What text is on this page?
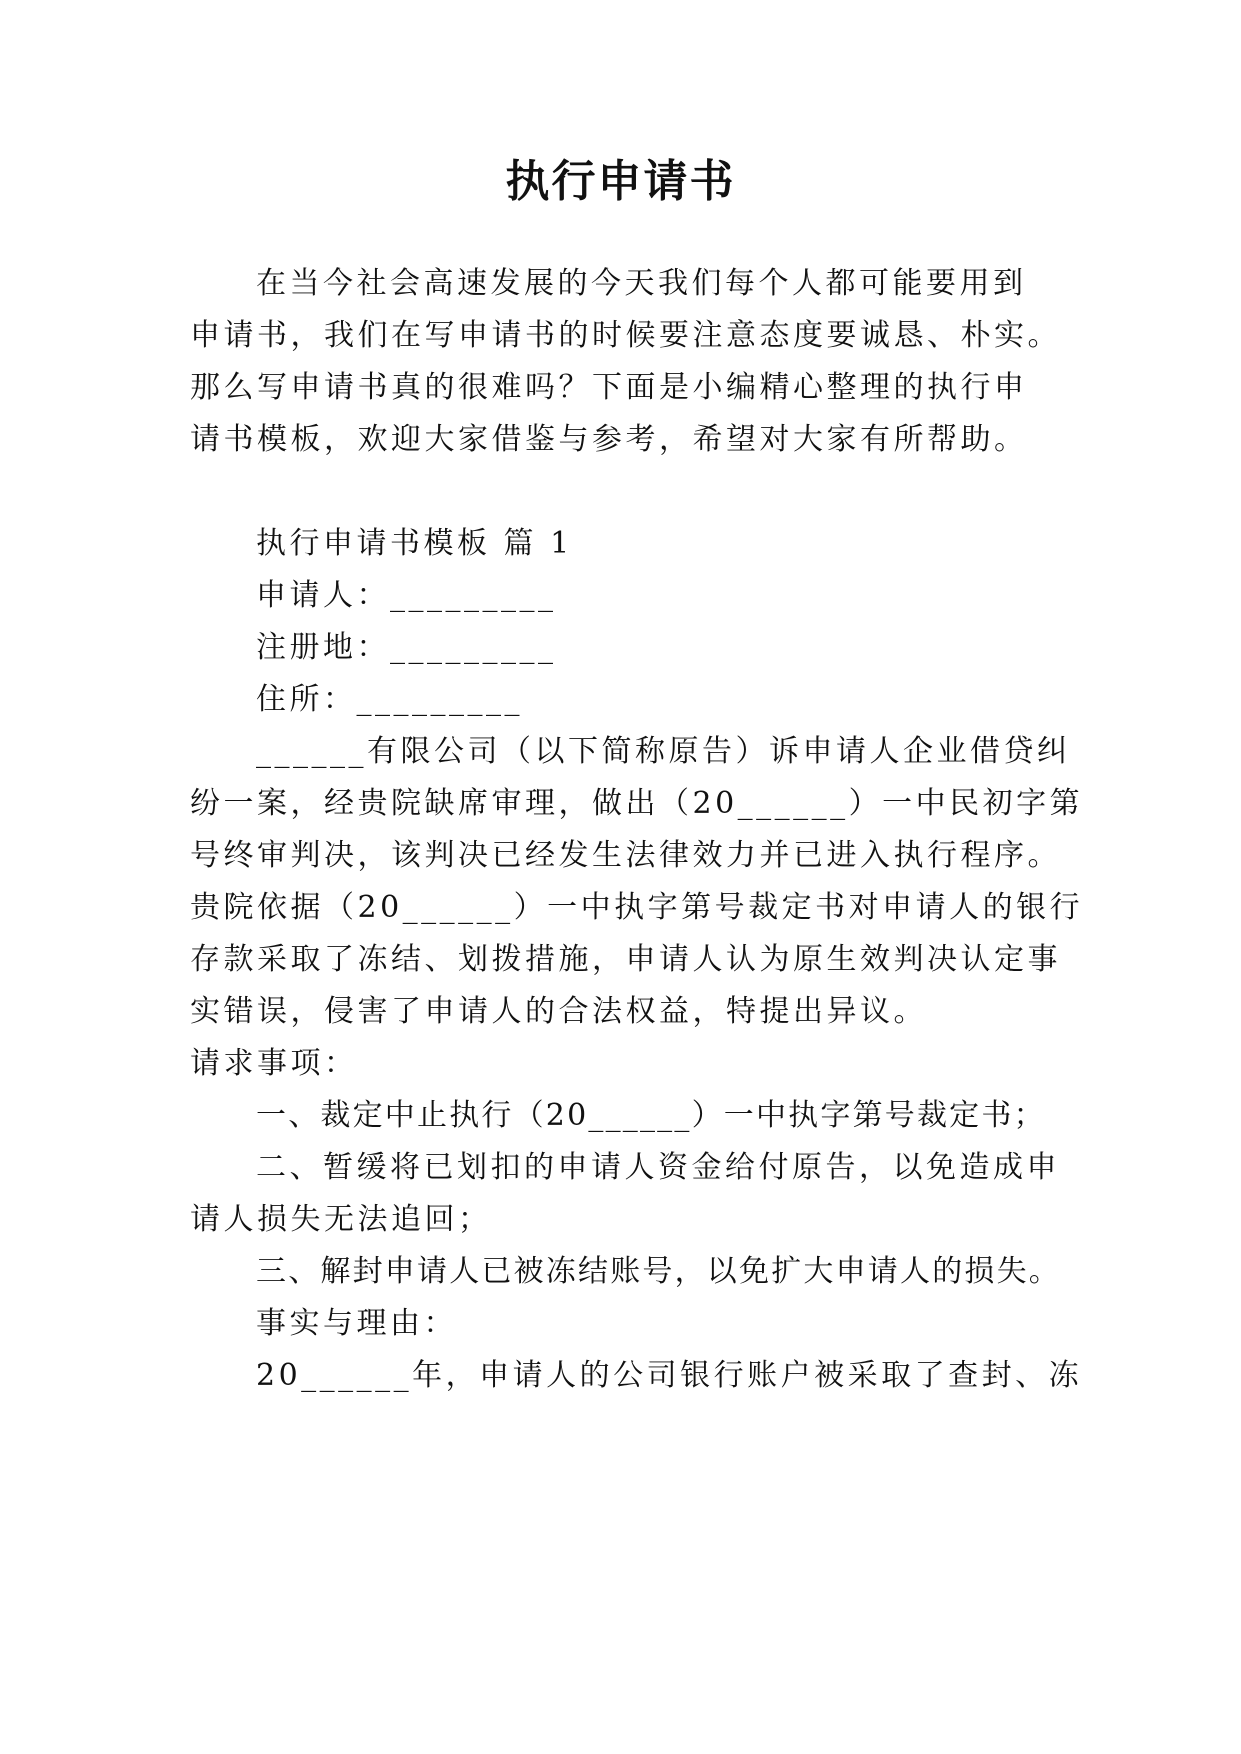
执行申请书
在当今社会高速发展的今天我们每个人都可能要用到
申请书，我们在写申请书的时候要注意态度要诚恳、朴实。
那么写申请书真的很难吗？下面是小编精心整理的执行申
请书模板，欢迎大家借鉴与参考，希望对大家有所帮助。
执行申请书模板 篇 1
申请人：_________
注册地：_________
住所：_________
______有限公司（以下简称原告）诉申请人企业借贷纠
纷一案，经贵院缺席审理，做出（20______）一中民初字第
号终审判决，该判决已经发生法律效力并已进入执行程序。
贵院依据（20______）一中执字第号裁定书对申请人的银行
存款采取了冻结、划拨措施，申请人认为原生效判决认定事
实错误，侵害了申请人的合法权益，特提出异议。
请求事项：
一、裁定中止执行（20______）一中执字第号裁定书；
二、暂缓将已划扣的申请人资金给付原告，以免造成申
请人损失无法追回；
三、解封申请人已被冻结账号，以免扩大申请人的损失。
事实与理由：
20______年，申请人的公司银行账户被采取了查封、冻
